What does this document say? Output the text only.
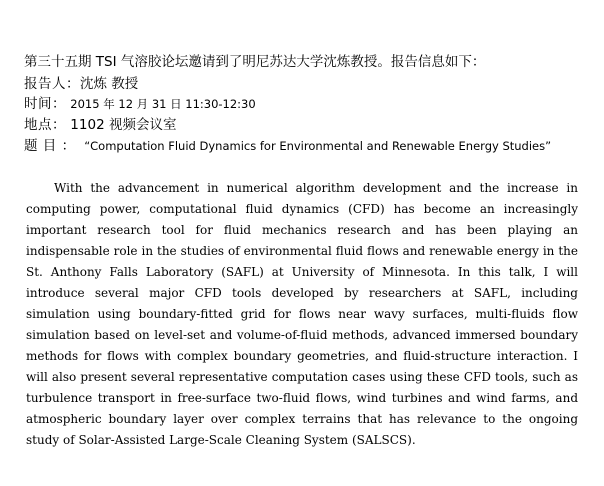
第三十五期 TSI 气溶胶论坛邀请到了明尼苏达大学沈炼教授。报告信息如下：
报告人：沈炼 教授
时间： 2015 年 12 月 31 日 11:30-12:30
地点： 1102 视频会议室
题 目 ： “Computation Fluid Dynamics for Environmental and Renewable Energy Studies”

With the advancement in numerical algorithm development and the increase in computing power, computational fluid dynamics (CFD) has become an increasingly important research tool for fluid mechanics research and has been playing an indispensable role in the studies of environmental fluid flows and renewable energy in the St. Anthony Falls Laboratory (SAFL) at University of Minnesota. In this talk, I will introduce several major CFD tools developed by researchers at SAFL, including simulation using boundary-fitted grid for flows near wavy surfaces, multi-fluids flow simulation based on level-set and volume-of-fluid methods, advanced immersed boundary methods for flows with complex boundary geometries, and fluid-structure interaction. I will also present several representative computation cases using these CFD tools, such as turbulence transport in free-surface two-fluid flows, wind turbines and wind farms, and atmospheric boundary layer over complex terrains that has relevance to the ongoing study of Solar-Assisted Large-Scale Cleaning System (SALSCS).
